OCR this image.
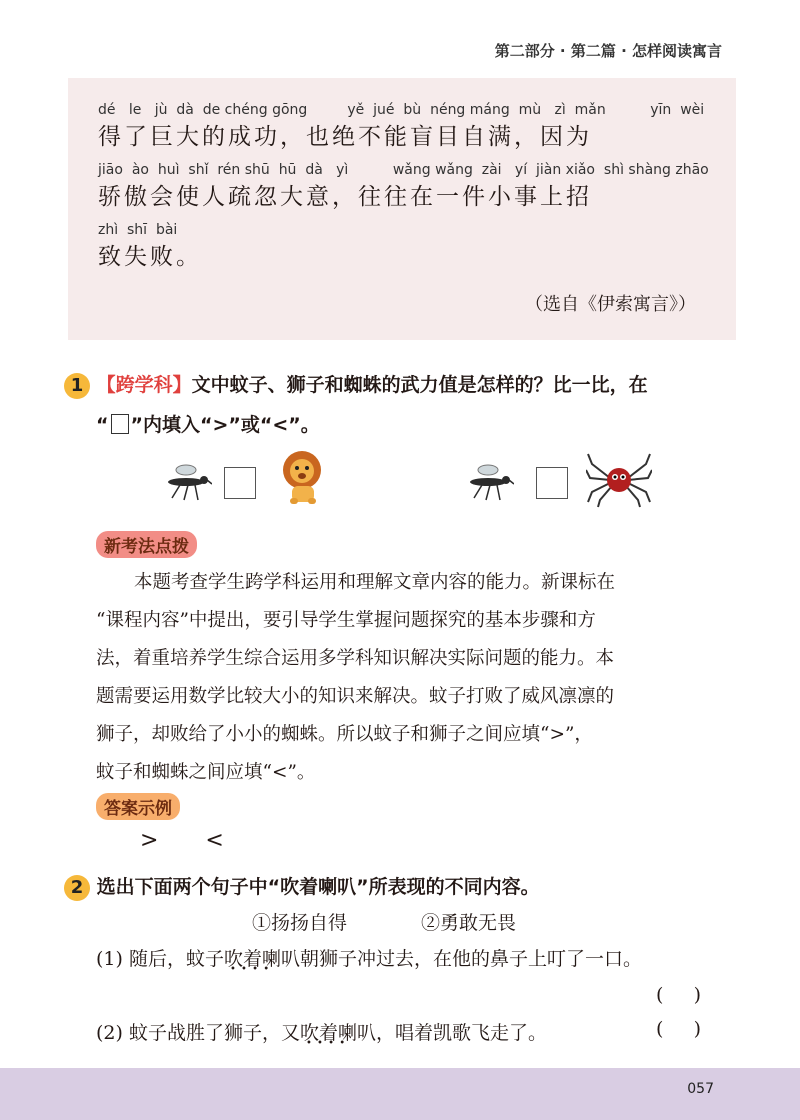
第二部分 · 第二篇 · 怎样阅读寓言
dé   le   jù  dà  de chéng gōng         yě  jué  bù  néng máng  mù   zì  mǎn          yīn  wèi
得了巨大的成功，也绝不能盲目自满，因为
jiāo  ào  huì  shǐ  rén shū  hū  dà   yì          wǎng wǎng  zài   yí  jiàn xiǎo  shì shàng zhāo
骄傲会使人疏忽大意，往往在一件小事上招
zhì  shī  bài
致失败。
（选自《伊索寓言》）
1 【跨学科】文中蚊子、狮子和蜘蛛的武力值是怎样的？比一比，在
“ ”内填入“>”或“<”。
新考法点拨
本题考查学生跨学科运用和理解文章内容的能力。新课标在
“课程内容”中提出，要引导学生掌握问题探究的基本步骤和方
法，着重培养学生综合运用多学科知识解决实际问题的能力。本
题需要运用数学比较大小的知识来解决。蚊子打败了威风凛凛的
狮子，却败给了小小的蜘蛛。所以蚊子和狮子之间应填“>”，
蚊子和蜘蛛之间应填“<”。
答案示例
> <
2 选出下面两个句子中“吹着喇叭”所表现的不同内容。
①扬扬自得	②勇敢无畏
(1) 随后，蚊子吹着喇叭 • • • •朝狮子冲过去，在他的鼻子上叮了一口。
(     )
(2) 蚊子战胜了狮子，又吹着喇叭 • • • •，唱着凯歌飞走了。	(     )
057
